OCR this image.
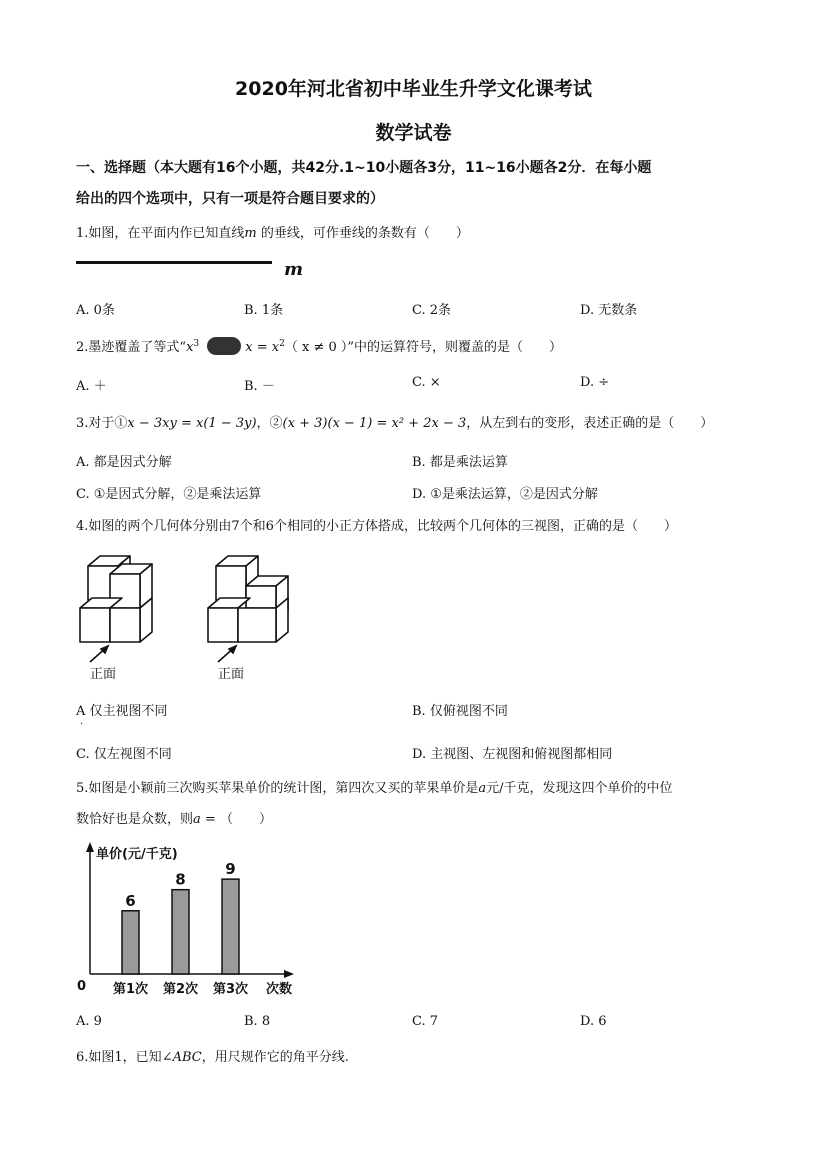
2020年河北省初中毕业生升学文化课考试
数学试卷
一、选择题（本大题有16个小题，共42分.1~10小题各3分，11~16小题各2分．在每小题
给出的四个选项中，只有一项是符合题目要求的）
1.如图，在平面内作已知直线m 的垂线，可作垂线的条数有（　　）
m
A. 0条	B. 1条	C. 2条	D. 无数条
2.墨迹覆盖了等式“$x^3$	$x = x^2$（ x ≠ 0 ）”中的运算符号，则覆盖的是（　　）
A. ＋	B. －	C. ×	D. ÷
3.对于①x − 3xy = x(1 − 3y)，②(x + 3)(x − 1) = x² + 2x − 3，从左到右的变形，表述正确的是（　　）
A. 都是因式分解	B. 都是乘法运算
C. ①是因式分解，②是乘法运算	D. ①是乘法运算，②是因式分解
4.如图的两个几何体分别由7个和6个相同的小正方体搭成，比较两个几何体的三视图，正确的是（　　）
正面	正面
A 仅主视图不同
.
B. 仅俯视图不同
C. 仅左视图不同	D. 主视图、左视图和俯视图都相同
5.如图是小颖前三次购买苹果单价的统计图，第四次又买的苹果单价是a元/千克，发现这四个单价的中位
数恰好也是众数，则a = （　　）
单价(元/千克)
0	次数
6
第1次
8
第2次
9
第3次
A. 9	B. 8	C. 7	D. 6
6.如图1，已知∠ABC，用尺规作它的角平分线.
